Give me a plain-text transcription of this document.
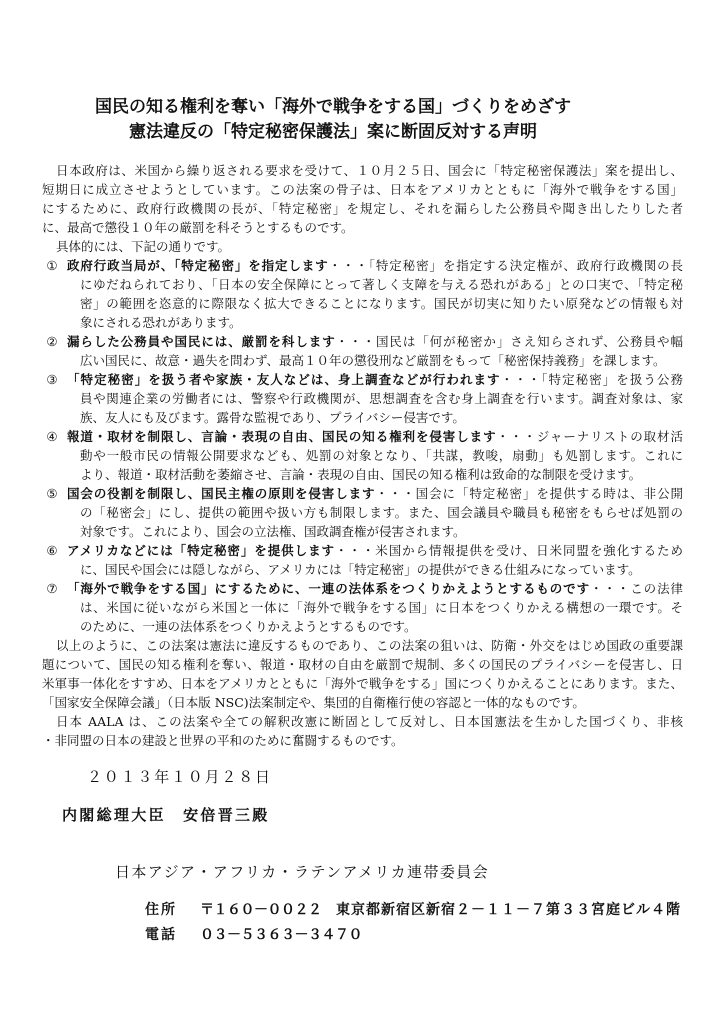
国民の知る権利を奪い「海外で戦争をする国」づくりをめざす
憲法違反の「特定秘密保護法」案に断固反対する声明
日本政府は、米国から繰り返される要求を受けて、１０月２５日、国会に「特定秘密保護法」案を提出し、
短期日に成立させようとしています。この法案の骨子は、日本をアメリカとともに「海外で戦争をする国」
にするために、政府行政機関の長が、「特定秘密」を規定し、それを漏らした公務員や聞き出したりした者
に、最高で懲役１０年の厳罰を科そうとするものです。
具体的には、下記の通りです。
① 政府行政当局が、「特定秘密」を指定します・・・「特定秘密」を指定する決定権が、政府行政機関の長
にゆだねられており、「日本の安全保障にとって著しく支障を与える恐れがある」との口実で、「特定秘
密」の範囲を恣意的に際限なく拡大できることになります。国民が切実に知りたい原発などの情報も対
象にされる恐れがあります。
② 漏らした公務員や国民には、厳罰を科します・・・国民は「何が秘密か」さえ知らされず、公務員や幅
広い国民に、故意・過失を問わず、最高１０年の懲役刑など厳罰をもって「秘密保持義務」を課します。
③ 「特定秘密」を扱う者や家族・友人などは、身上調査などが行われます・・・「特定秘密」を扱う公務
員や関連企業の労働者には、警察や行政機関が、思想調査を含む身上調査を行います。調査対象は、家
族、友人にも及びます。露骨な監視であり、プライバシー侵害です。
④ 報道・取材を制限し、言論・表現の自由、国民の知る権利を侵害します・・・ジャーナリストの取材活
動や一般市民の情報公開要求なども、処罰の対象となり、「共謀，教唆，扇動」も処罰します。これに
より、報道・取材活動を萎縮させ、言論・表現の自由、国民の知る権利は致命的な制限を受けます。
⑤ 国会の役割を制限し、国民主権の原則を侵害します・・・国会に「特定秘密」を提供する時は、非公開
の「秘密会」にし、提供の範囲や扱い方も制限します。また、国会議員や職員も秘密をもらせば処罰の
対象です。これにより、国会の立法権、国政調査権が侵害されます。
⑥ アメリカなどには「特定秘密」を提供します・・・米国から情報提供を受け、日米同盟を強化するため
に、国民や国会には隠しながら、アメリカには「特定秘密」の提供ができる仕組みになっています。
⑦ 「海外で戦争をする国」にするために、一連の法体系をつくりかえようとするものです・・・この法律
は、米国に従いながら米国と一体に「海外で戦争をする国」に日本をつくりかえる構想の一環です。そ
のために、一連の法体系をつくりかえようとするものです。
以上のように、この法案は憲法に違反するものであり、この法案の狙いは、防衛・外交をはじめ国政の重要課
題について、国民の知る権利を奪い、報道・取材の自由を厳罰で規制、多くの国民のプライバシーを侵害し、日
米軍事一体化をすすめ、日本をアメリカとともに「海外で戦争をする」国につくりかえることにあります。また、
「国家安全保障会議」（日本版 NSC)法案制定や、集団的自衛権行使の容認と一体的なものです。
日本 AALA は、この法案や全ての解釈改憲に断固として反対し、日本国憲法を生かした国づくり、非核
・非同盟の日本の建設と世界の平和のために奮闘するものです。
２０１３年１０月２８日
内閣総理大臣　安倍晋三殿
日本アジア・アフリカ・ラテンアメリカ連帯委員会
住所 〒１６０－００２２ 東京都新宿区新宿２－１１－７第３３宮庭ビル４階
電話 ０３－５３６３－３４７０
